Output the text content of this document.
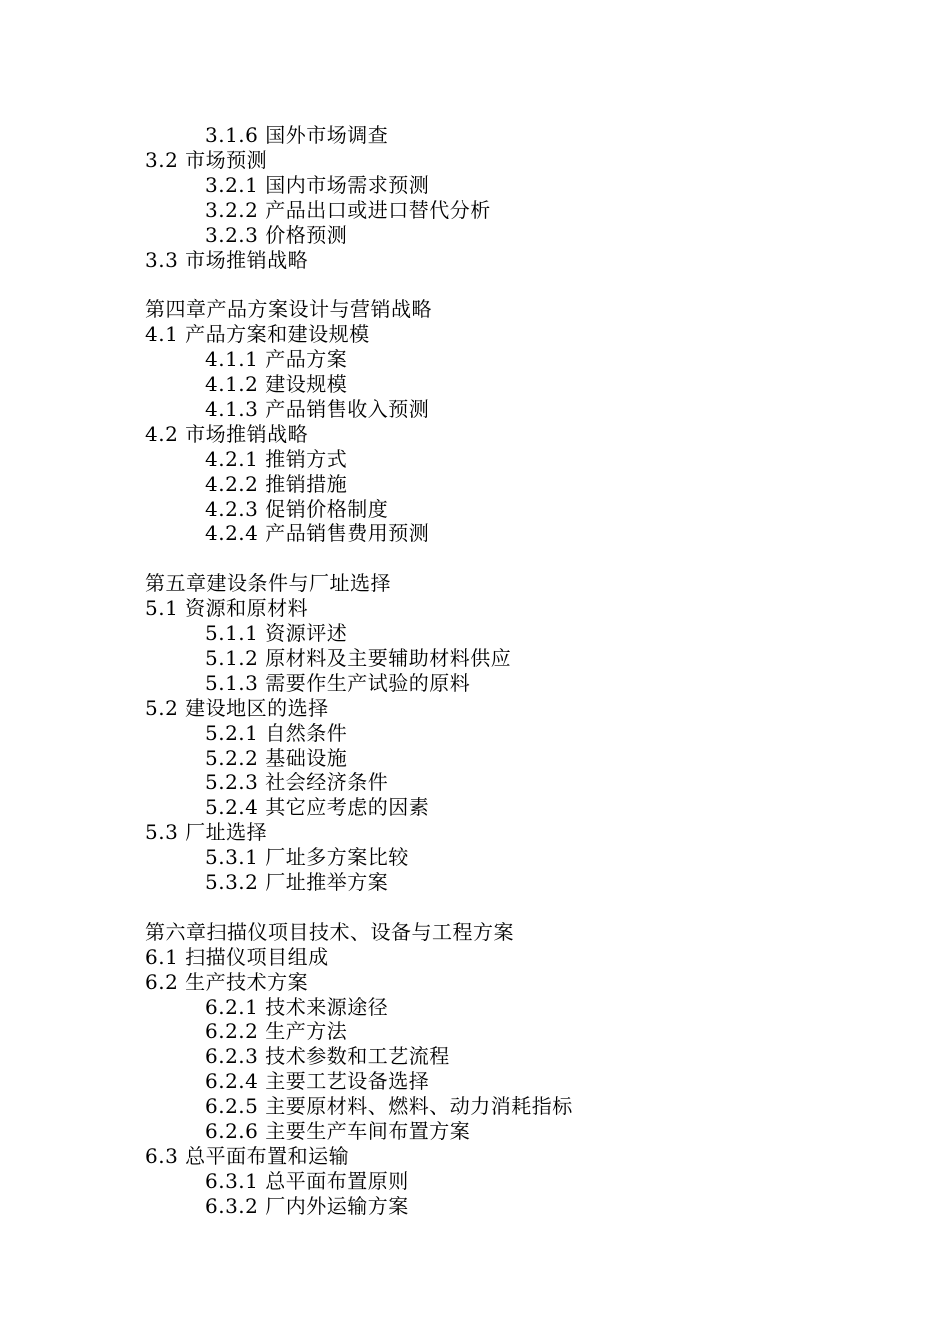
3.1.6 国外市场调查
3.2 市场预测
3.2.1 国内市场需求预测
3.2.2 产品出口或进口替代分析
3.2.3 价格预测
3.3 市场推销战略
第四章产品方案设计与营销战略
4.1 产品方案和建设规模
4.1.1 产品方案
4.1.2 建设规模
4.1.3 产品销售收入预测
4.2 市场推销战略
4.2.1 推销方式
4.2.2 推销措施
4.2.3 促销价格制度
4.2.4 产品销售费用预测
第五章建设条件与厂址选择
5.1 资源和原材料
5.1.1 资源评述
5.1.2 原材料及主要辅助材料供应
5.1.3 需要作生产试验的原料
5.2 建设地区的选择
5.2.1 自然条件
5.2.2 基础设施
5.2.3 社会经济条件
5.2.4 其它应考虑的因素
5.3 厂址选择
5.3.1 厂址多方案比较
5.3.2 厂址推举方案
第六章扫描仪项目技术、设备与工程方案
6.1 扫描仪项目组成
6.2 生产技术方案
6.2.1 技术来源途径
6.2.2 生产方法
6.2.3 技术参数和工艺流程
6.2.4 主要工艺设备选择
6.2.5 主要原材料、燃料、动力消耗指标
6.2.6 主要生产车间布置方案
6.3 总平面布置和运输
6.3.1 总平面布置原则
6.3.2 厂内外运输方案
